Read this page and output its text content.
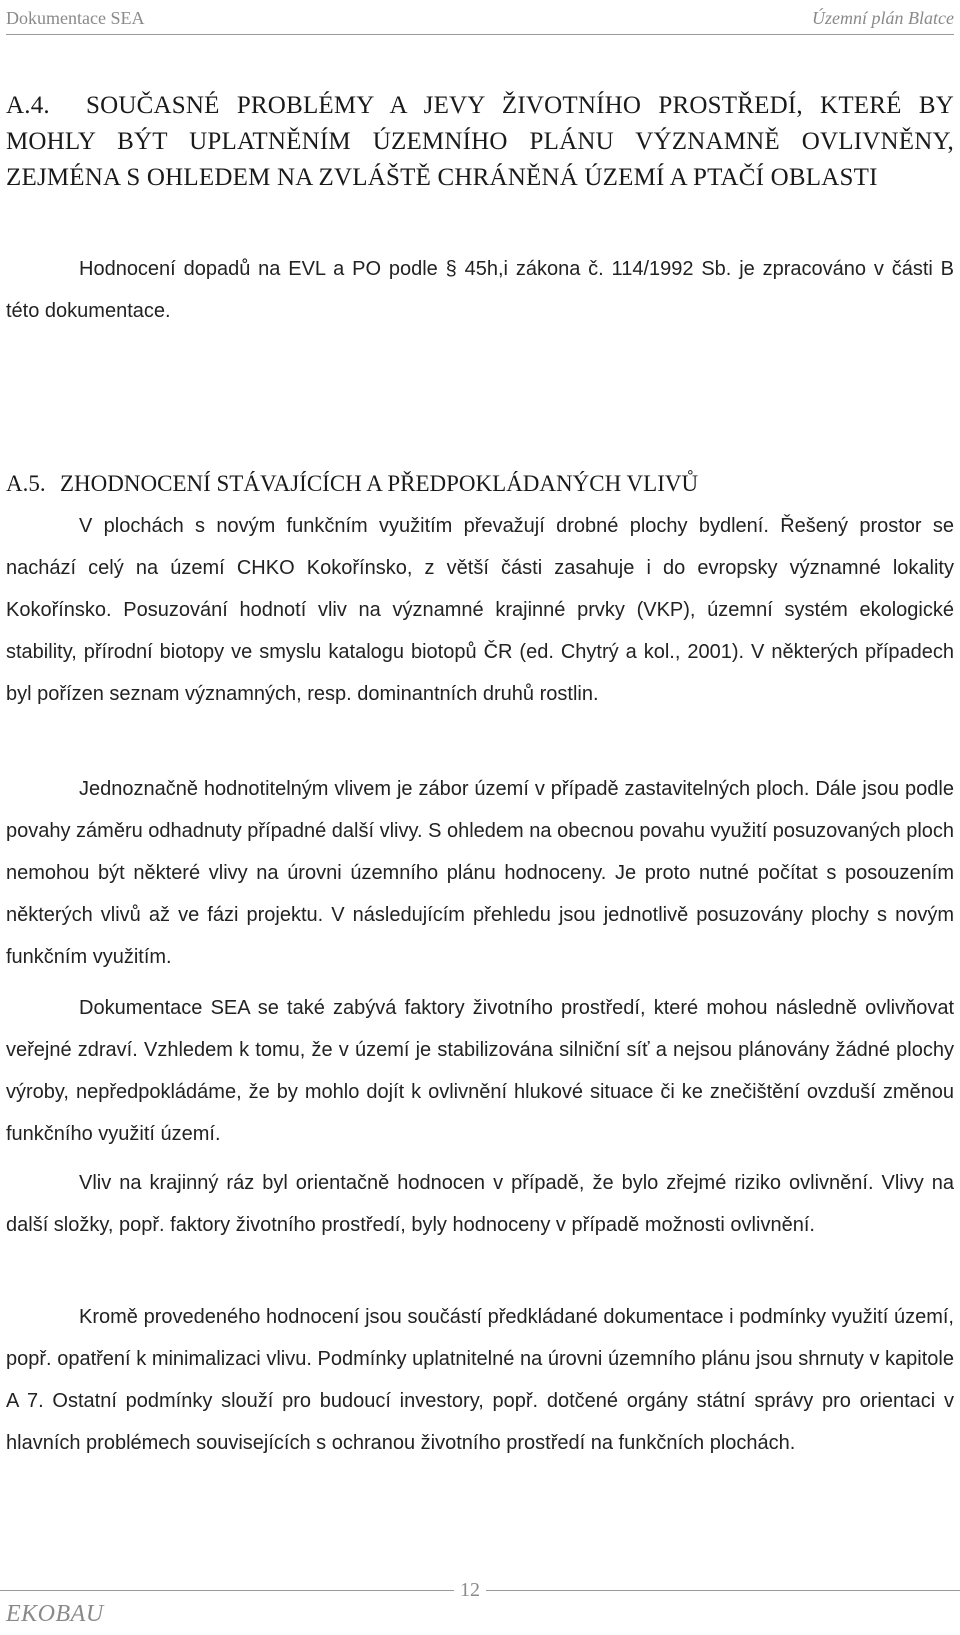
Dokumentace SEA	Územní plán Blatce
A.4. SOUČASNÉ PROBLÉMY A JEVY ŽIVOTNÍHO PROSTŘEDÍ, KTERÉ BY MOHLY BÝT UPLATNĚNÍM ÚZEMNÍHO PLÁNU VÝZNAMNĚ OVLIVNĚNY, ZEJMÉNA S OHLEDEM NA ZVLÁŠTĚ CHRÁNĚNÁ ÚZEMÍ A PTAČÍ OBLASTI

Hodnocení dopadů na EVL a PO podle § 45h,i zákona č. 114/1992 Sb. je zpracováno v části B této dokumentace.

A.5. ZHODNOCENÍ STÁVAJÍCÍCH A PŘEDPOKLÁDANÝCH VLIVŮ

V plochách s novým funkčním využitím převažují drobné plochy bydlení. Řešený prostor se nachází celý na území CHKO Kokořínsko, z větší části zasahuje i do evropsky významné lokality Kokořínsko. Posuzování hodnotí vliv na významné krajinné prvky (VKP), územní systém ekologické stability, přírodní biotopy ve smyslu katalogu biotopů ČR (ed. Chytrý a kol., 2001). V některých případech byl pořízen seznam významných, resp. dominantních druhů rostlin.

Jednoznačně hodnotitelným vlivem je zábor území v případě zastavitelných ploch. Dále jsou podle povahy záměru odhadnuty případné další vlivy. S ohledem na obecnou povahu využití posuzovaných ploch nemohou být některé vlivy na úrovni územního plánu hodnoceny. Je proto nutné počítat s posouzením některých vlivů až ve fázi projektu. V následujícím přehledu jsou jednotlivě posuzovány plochy s novým funkčním využitím.

Dokumentace SEA se také zabývá faktory životního prostředí, které mohou následně ovlivňovat veřejné zdraví. Vzhledem k tomu, že v území je stabilizována silniční síť a nejsou plánovány žádné plochy výroby, nepředpokládáme, že by mohlo dojít k ovlivnění hlukové situace či ke znečištění ovzduší změnou funkčního využití území.

Vliv na krajinný ráz byl orientačně hodnocen v případě, že bylo zřejmé riziko ovlivnění. Vlivy na další složky, popř. faktory životního prostředí, byly hodnoceny v případě možnosti ovlivnění.

Kromě provedeného hodnocení jsou součástí předkládané dokumentace i podmínky využití území, popř. opatření k minimalizaci vlivu. Podmínky uplatnitelné na úrovni územního plánu jsou shrnuty v kapitole A 7. Ostatní podmínky slouží pro budoucí investory, popř. dotčené orgány státní správy pro orientaci v hlavních problémech souvisejících s ochranou životního prostředí na funkčních plochách.

EKOBAU
12
